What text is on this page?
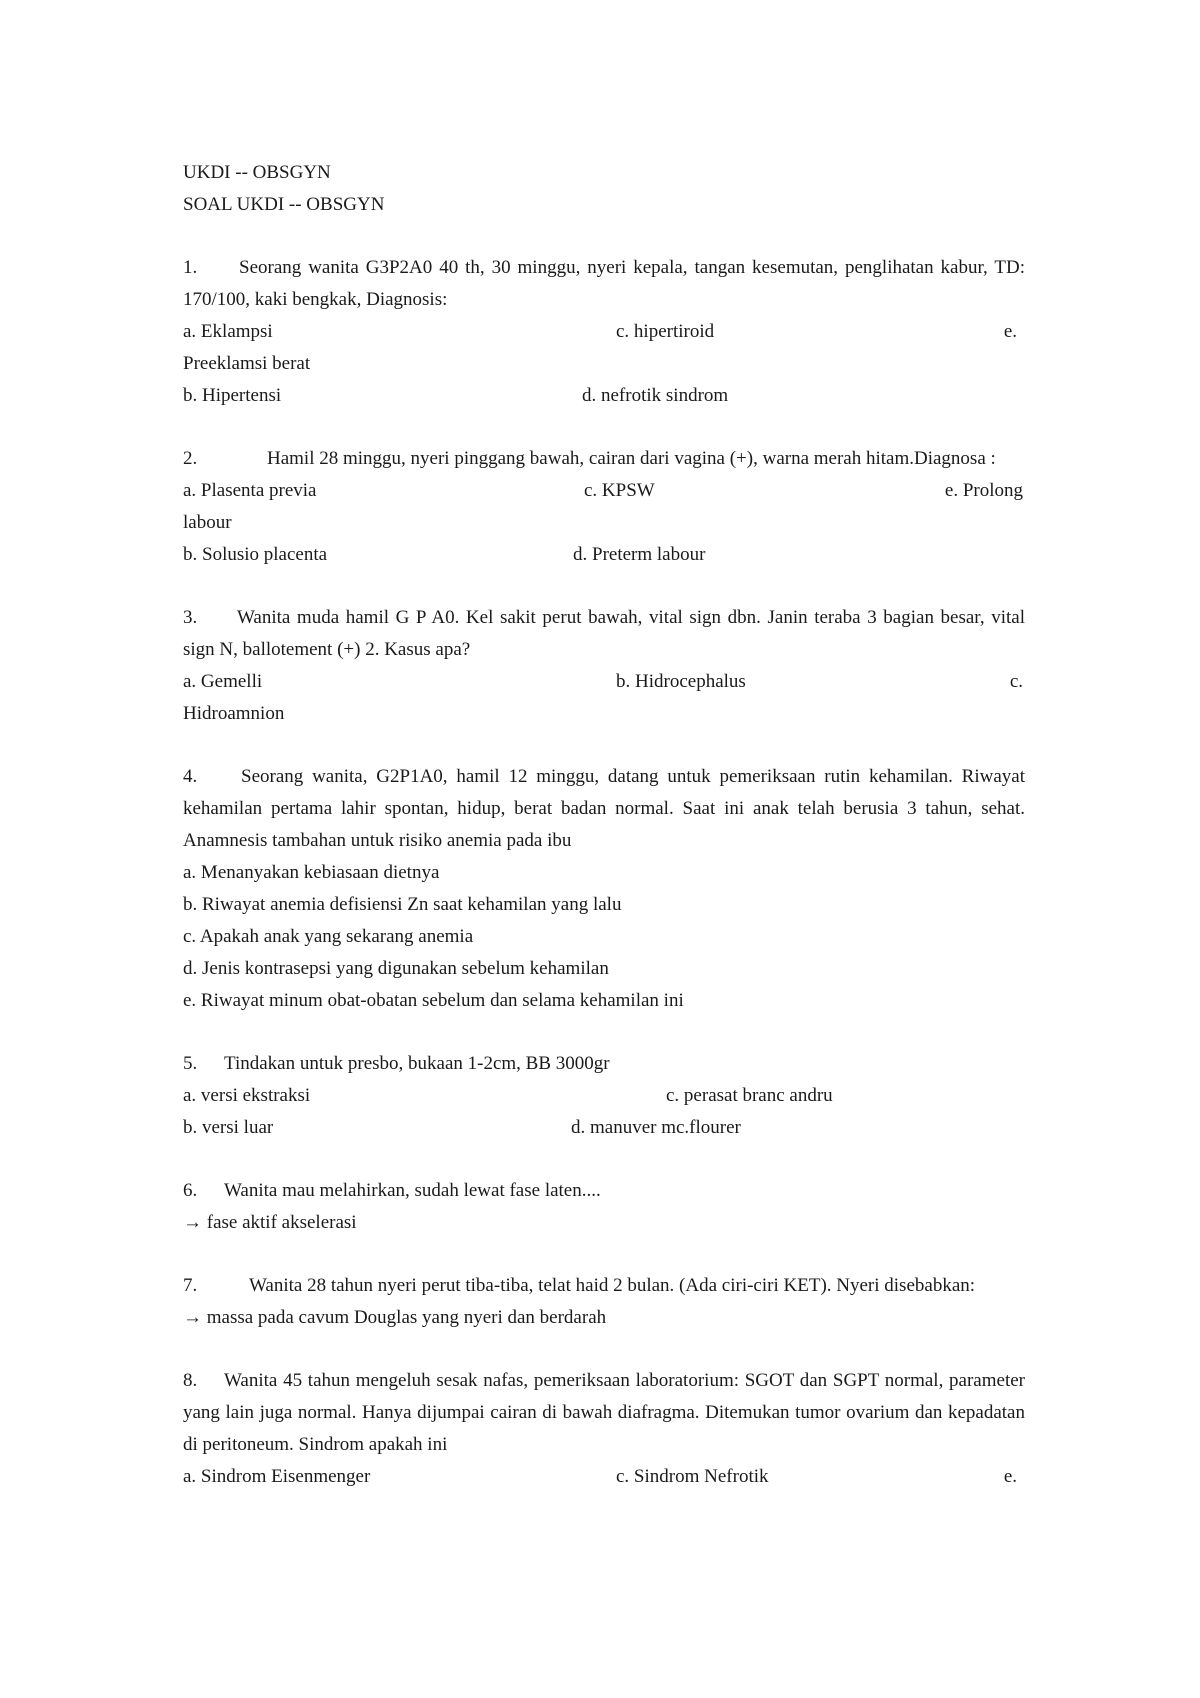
UKDI -- OBSGYN
SOAL UKDI -- OBSGYN
1. Seorang wanita G3P2A0 40 th, 30 minggu, nyeri kepala, tangan kesemutan, penglihatan kabur, TD: 170/100, kaki bengkak, Diagnosis:
a. Eklampsi	c. hipertiroid	e.
Preeklamsi berat
b. Hipertensi	d. nefrotik sindrom
2.	Hamil 28 minggu, nyeri pinggang bawah, cairan dari vagina (+), warna merah hitam.Diagnosa :
a. Plasenta previa	c. KPSW	e. Prolong
labour
b. Solusio placenta	d. Preterm labour
3. Wanita muda hamil G P A0. Kel sakit perut bawah, vital sign dbn. Janin teraba 3 bagian besar, vital sign N, ballotement (+) 2. Kasus apa?
a. Gemelli	b. Hidrocephalus	c.
Hidroamnion
4. Seorang wanita, G2P1A0, hamil 12 minggu, datang untuk pemeriksaan rutin kehamilan. Riwayat kehamilan pertama lahir spontan, hidup, berat badan normal. Saat ini anak telah berusia 3 tahun, sehat. Anamnesis tambahan untuk risiko anemia pada ibu
a. Menanyakan kebiasaan dietnya
b. Riwayat anemia defisiensi Zn saat kehamilan yang lalu
c. Apakah anak yang sekarang anemia
d. Jenis kontrasepsi yang digunakan sebelum kehamilan
e. Riwayat minum obat-obatan sebelum dan selama kehamilan ini
5. Tindakan untuk presbo, bukaan 1-2cm, BB 3000gr
a. versi ekstraksi	c. perasat branc andru
b. versi luar	d. manuver mc.flourer
6. Wanita mau melahirkan, sudah lewat fase laten....
→ fase aktif akselerasi
7.	Wanita 28 tahun nyeri perut tiba-tiba, telat haid 2 bulan. (Ada ciri-ciri KET). Nyeri disebabkan:
→ massa pada cavum Douglas yang nyeri dan berdarah
8. Wanita 45 tahun mengeluh sesak nafas, pemeriksaan laboratorium: SGOT dan SGPT normal, parameter yang lain juga normal. Hanya dijumpai cairan di bawah diafragma. Ditemukan tumor ovarium dan kepadatan di peritoneum. Sindrom apakah ini
a. Sindrom Eisenmenger	c. Sindrom Nefrotik	e.
